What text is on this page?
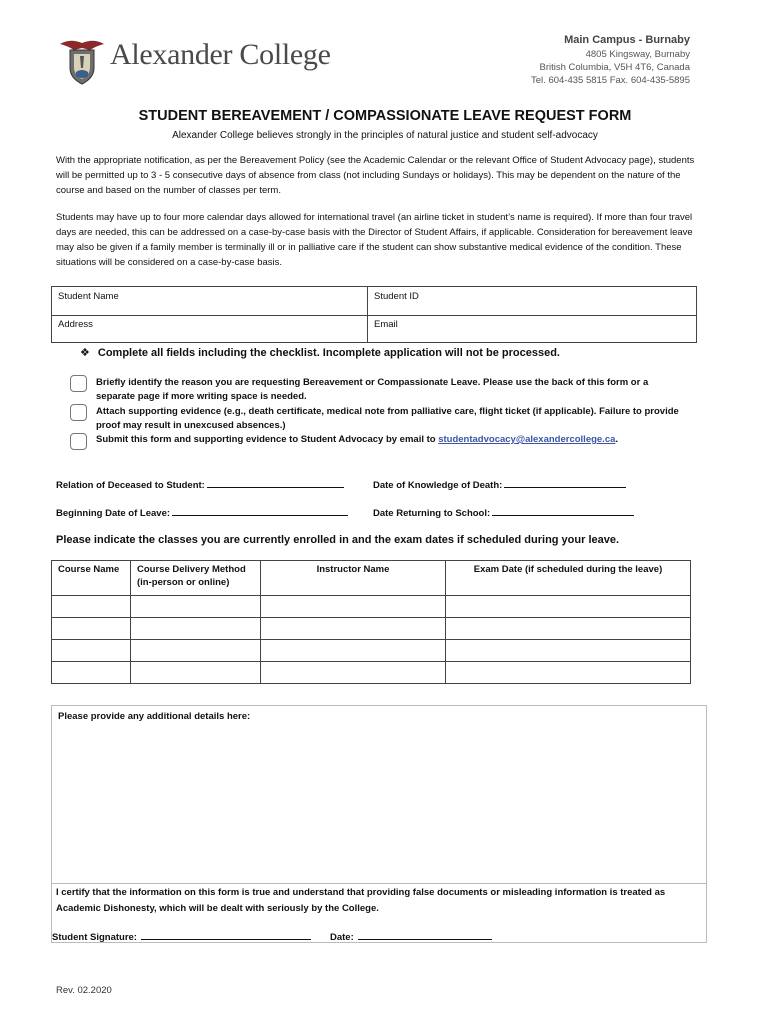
Alexander College	Main Campus - Burnaby
4805 Kingsway, Burnaby
British Columbia, V5H 4T6, Canada
Tel. 604-435 5815 Fax. 604-435-5895
STUDENT BEREAVEMENT / COMPASSIONATE LEAVE REQUEST FORM
Alexander College believes strongly in the principles of natural justice and student self-advocacy
With the appropriate notification, as per the Bereavement Policy (see the Academic Calendar or the relevant Office of Student Advocacy page), students will be permitted up to 3 - 5 consecutive days of absence from class (not including Sundays or holidays). This may be dependent on the nature of the course and based on the number of classes per term.
Students may have up to four more calendar days allowed for international travel (an airline ticket in student’s name is required). If more than four travel days are needed, this can be addressed on a case-by-case basis with the Director of Student Affairs, if applicable. Consideration for bereavement leave may also be given if a family member is terminally ill or in palliative care if the student can show substantive medical evidence of the condition. These situations will be considered on a case-by-case basis.
Student Name	Student ID
Address	Email
❖ Complete all fields including the checklist. Incomplete application will not be processed.
Briefly identify the reason you are requesting Bereavement or Compassionate Leave. Please use the back of this form or a separate page if more writing space is needed.
Attach supporting evidence (e.g., death certificate, medical note from palliative care, flight ticket (if applicable). Failure to provide proof may result in unexcused absences.)
Submit this form and supporting evidence to Student Advocacy by email to studentadvocacy@alexandercollege.ca.
Relation of Deceased to Student:	Date of Knowledge of Death:
Beginning Date of Leave:	Date Returning to School:
Please indicate the classes you are currently enrolled in and the exam dates if scheduled during your leave.
Course Name	Course Delivery Method (in-person or online)	Instructor Name	Exam Date (if scheduled during the leave)

Please provide any additional details here:
I certify that the information on this form is true and understand that providing false documents or misleading information is treated as Academic Dishonesty, which will be dealt with seriously by the College.
Student Signature:	Date:
Rev. 02.2020
